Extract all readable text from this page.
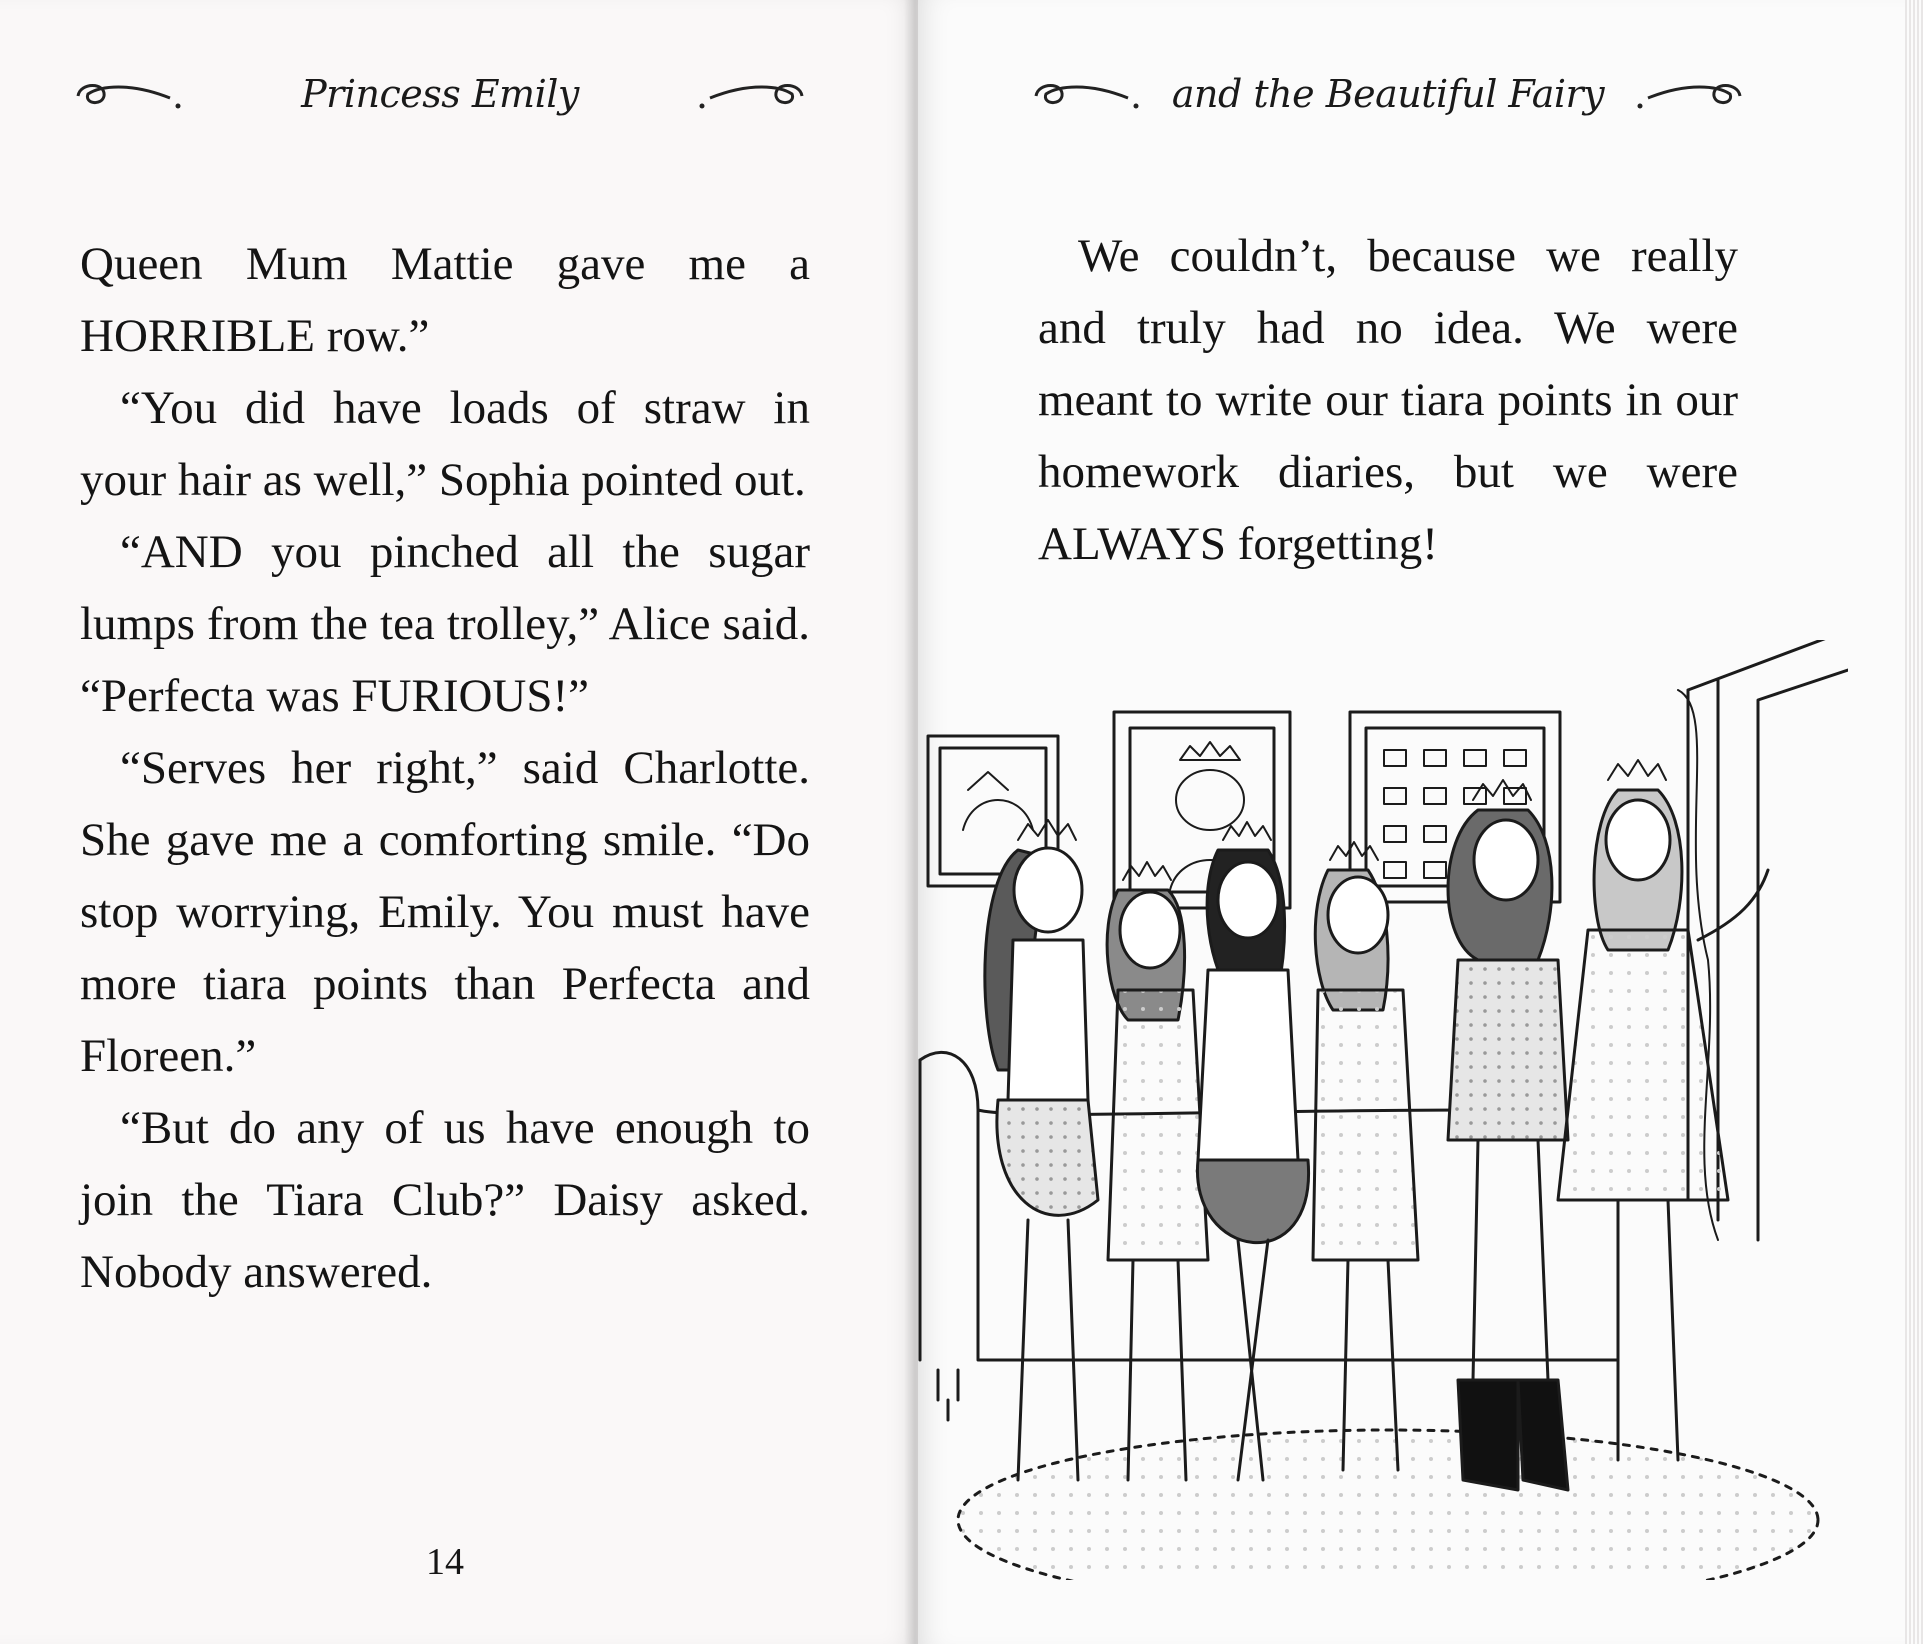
Princess Emily

Queen Mum Mattie gave me a HORRIBLE row.”

“You did have loads of straw in your hair as well,” Sophia pointed out.

“AND you pinched all the sugar lumps from the tea trolley,” Alice said. “Perfecta was FURIOUS!”

“Serves her right,” said Charlotte. She gave me a comforting smile. “Do stop worrying, Emily. You must have more tiara points than Perfecta and Floreen.”

“But do any of us have enough to join the Tiara Club?” Daisy asked. Nobody answered.

14
and the Beautiful Fairy

We couldn’t, because we really and truly had no idea. We were meant to write our tiara points in our homework diaries, but we were ALWAYS forgetting!
